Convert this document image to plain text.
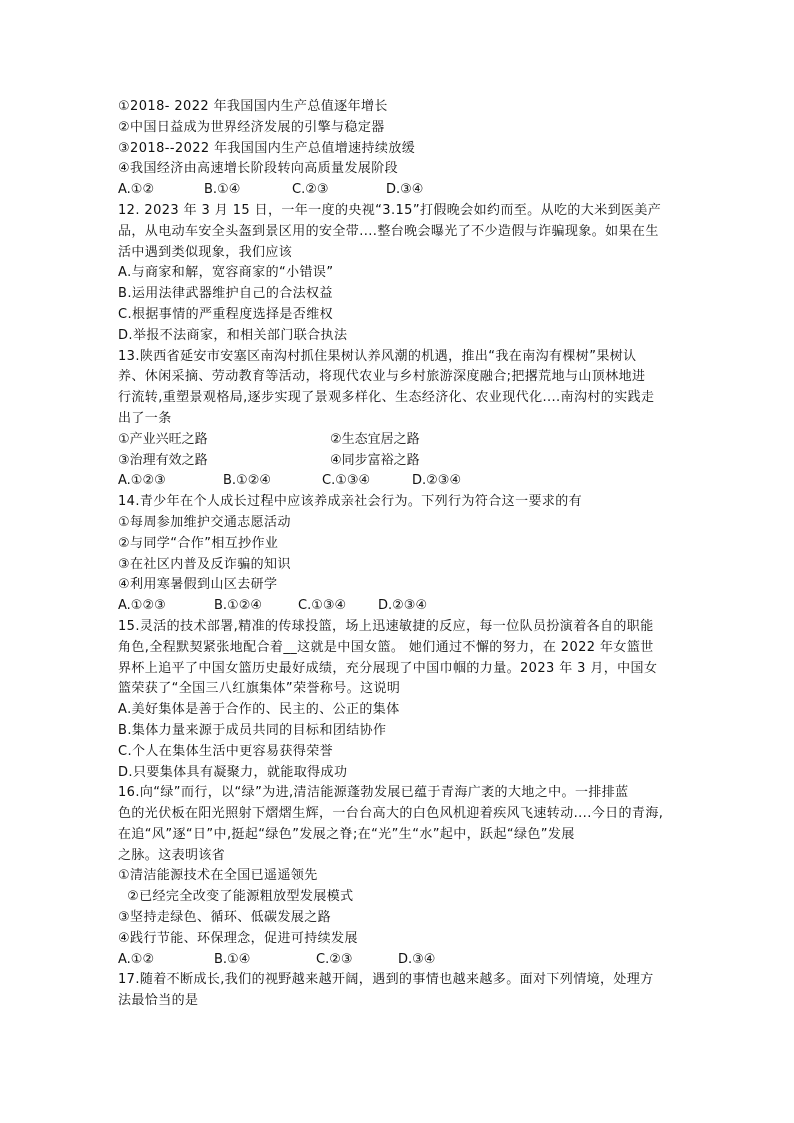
①2018- 2022 年我国国内生产总值逐年增长
②中国日益成为世界经济发展的引擎与稳定器
③2018--2022 年我国国内生产总值增速持续放缓
④我国经济由高速增长阶段转向高质量发展阶段
A.①②	B.①④	C.②③	D.③④
12. 2023 年 3 月 15 日，一年一度的央视“3.15”打假晚会如约而至。从吃的大米到医美产
品，从电动车安全头盔到景区用的安全带....整台晚会曝光了不少造假与诈骗现象。如果在生
活中遇到类似现象，我们应该
A.与商家和解，宽容商家的“小错误”
B.运用法律武器维护自己的合法权益
C.根据事情的严重程度选择是否维权
D.举报不法商家，和相关部门联合执法
13.陕西省延安市安塞区南沟村抓住果树认养风潮的机遇，推出“我在南沟有棵树”果树认
养、休闲采摘、劳动教育等活动，将现代农业与乡村旅游深度融合;把撂荒地与山顶林地进
行流转,重塑景观格局,逐步实现了景观多样化、生态经济化、农业现代化....南沟村的实践走
出了一条
①产业兴旺之路	②生态宜居之路
③治理有效之路	④同步富裕之路
A.①②③	B.①②④	C.①③④	D.②③④
14.青少年在个人成长过程中应该养成亲社会行为。下列行为符合这一要求的有
①每周参加维护交通志愿活动
②与同学“合作”相互抄作业
③在社区内普及反诈骗的知识
④利用寒暑假到山区去研学
A.①②③	B.①②④	C.①③④	D.②③④
15.灵活的技术部署,精准的传球投篮，场上迅速敏捷的反应，每一位队员扮演着各自的职能
角色,全程默契紧张地配合着__这就是中国女篮。 她们通过不懈的努力，在 2022 年女篮世
界杯上追平了中国女篮历史最好成绩，充分展现了中国巾帼的力量。2023 年 3 月，中国女
篮荣获了“全国三八红旗集体”荣誉称号。这说明
A.美好集体是善于合作的、民主的、公正的集体
B.集体力量来源于成员共同的目标和团结协作
C.个人在集体生活中更容易获得荣誉
D.只要集体具有凝聚力，就能取得成功
16.向“绿”而行，以“绿”为进,清洁能源蓬勃发展已蕴于青海广袤的大地之中。一排排蓝
色的光伏板在阳光照射下熠熠生辉，一台台高大的白色风机迎着疾风飞速转动....今日的青海,
在追“风”逐“日”中,挺起“绿色”发展之脊;在“光”生“水”起中，跃起“绿色”发展
之脉。这表明该省
①清洁能源技术在全国已遥遥领先
②已经完全改变了能源粗放型发展模式
③坚持走绿色、循环、低碳发展之路
④践行节能、环保理念，促进可持续发展
A.①②	B.①④	C.②③	D.③④
17.随着不断成长,我们的视野越来越开阔，遇到的事情也越来越多。面对下列情境，处理方
法最恰当的是
